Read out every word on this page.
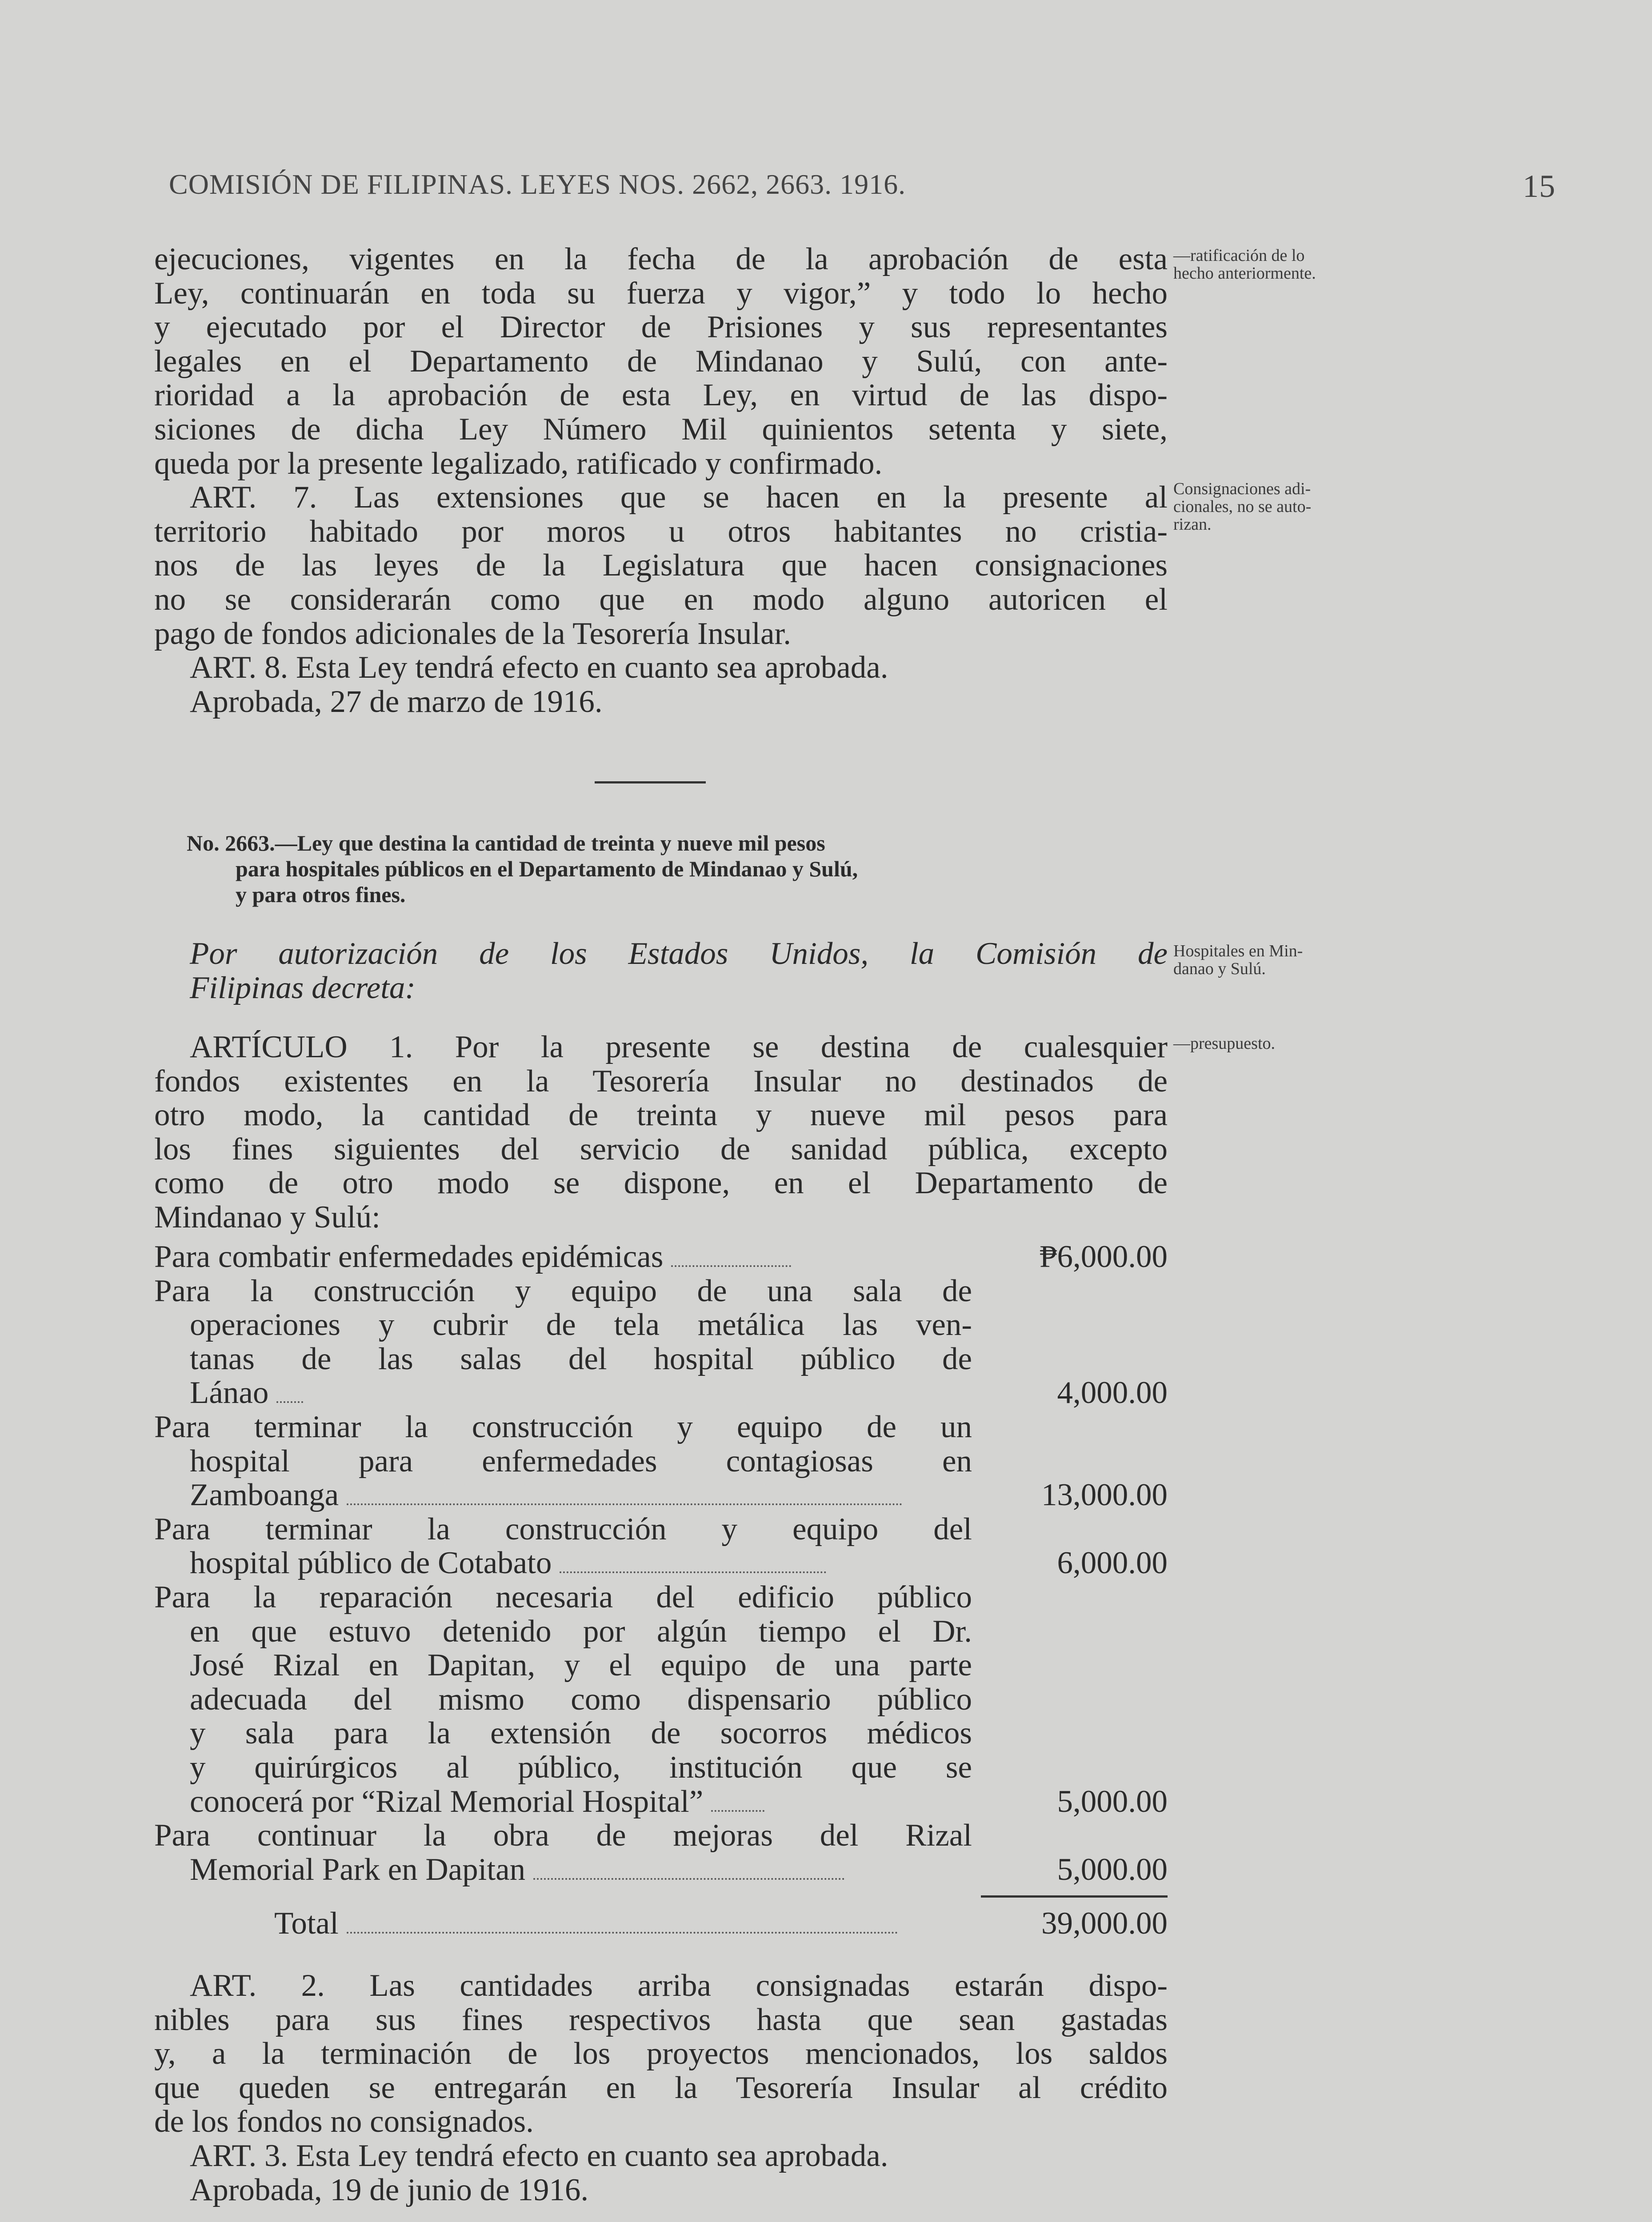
COMISIÓN DE FILIPINAS. LEYES NOS. 2662, 2663. 1916.	15
—ratificación de lo
hecho anteriormente.
Consignaciones adi-
cionales, no se auto-
rizan.
Hospitales en Min-
danao y Sulú.
—presupuesto.

ejecuciones, vigentes en la fecha de la aprobación de esta

Ley, continuarán en toda su fuerza y vigor,” y todo lo hecho

y ejecutado por el Director de Prisiones y sus representantes

legales en el Departamento de Mindanao y Sulú, con ante-

rioridad a la aprobación de esta Ley, en virtud de las dispo-

siciones de dicha Ley Número Mil quinientos setenta y siete,

queda por la presente legalizado, ratificado y confirmado.

ART. 7. Las extensiones que se hacen en la presente al

territorio habitado por moros u otros habitantes no cristia-

nos de las leyes de la Legislatura que hacen consignaciones

no se considerarán como que en modo alguno autoricen el

pago de fondos adicionales de la Tesorería Insular.

ART. 8. Esta Ley tendrá efecto en cuanto sea aprobada.

Aprobada, 27 de marzo de 1916.

No. 2663.—Ley que destina la cantidad de treinta y nueve mil pesos
para hospitales públicos en el Departamento de Mindanao y Sulú,
y para otros fines.

Por autorización de los Estados Unidos, la Comisión de

Filipinas decreta:

ARTÍCULO 1. Por la presente se destina de cualesquier

fondos existentes en la Tesorería Insular no destinados de

otro modo, la cantidad de treinta y nueve mil pesos para

los fines siguientes del servicio de sanidad pública, excepto

como de otro modo se dispone, en el Departamento de

Mindanao y Sulú:

Para combatir enfermedades epidémicas	₱6,000.00

Para la construcción y equipo de una sala de

operaciones y cubrir de tela metálica las ven-

tanas de las salas del hospital público de

Lánao	4,000.00

Para terminar la construcción y equipo de un

hospital para enfermedades contagiosas en

Zamboanga	13,000.00

Para terminar la construcción y equipo del

hospital público de Cotabato	6,000.00

Para la reparación necesaria del edificio público

en que estuvo detenido por algún tiempo el Dr.

José Rizal en Dapitan, y el equipo de una parte

adecuada del mismo como dispensario público

y sala para la extensión de socorros médicos

y quirúrgicos al público, institución que se

conocerá por “Rizal Memorial Hospital”	5,000.00

Para continuar la obra de mejoras del Rizal

Memorial Park en Dapitan	5,000.00

Total	39,000.00

ART. 2. Las cantidades arriba consignadas estarán dispo-

nibles para sus fines respectivos hasta que sean gastadas

y, a la terminación de los proyectos mencionados, los saldos

que queden se entregarán en la Tesorería Insular al crédito

de los fondos no consignados.

ART. 3. Esta Ley tendrá efecto en cuanto sea aprobada.

Aprobada, 19 de junio de 1916.
